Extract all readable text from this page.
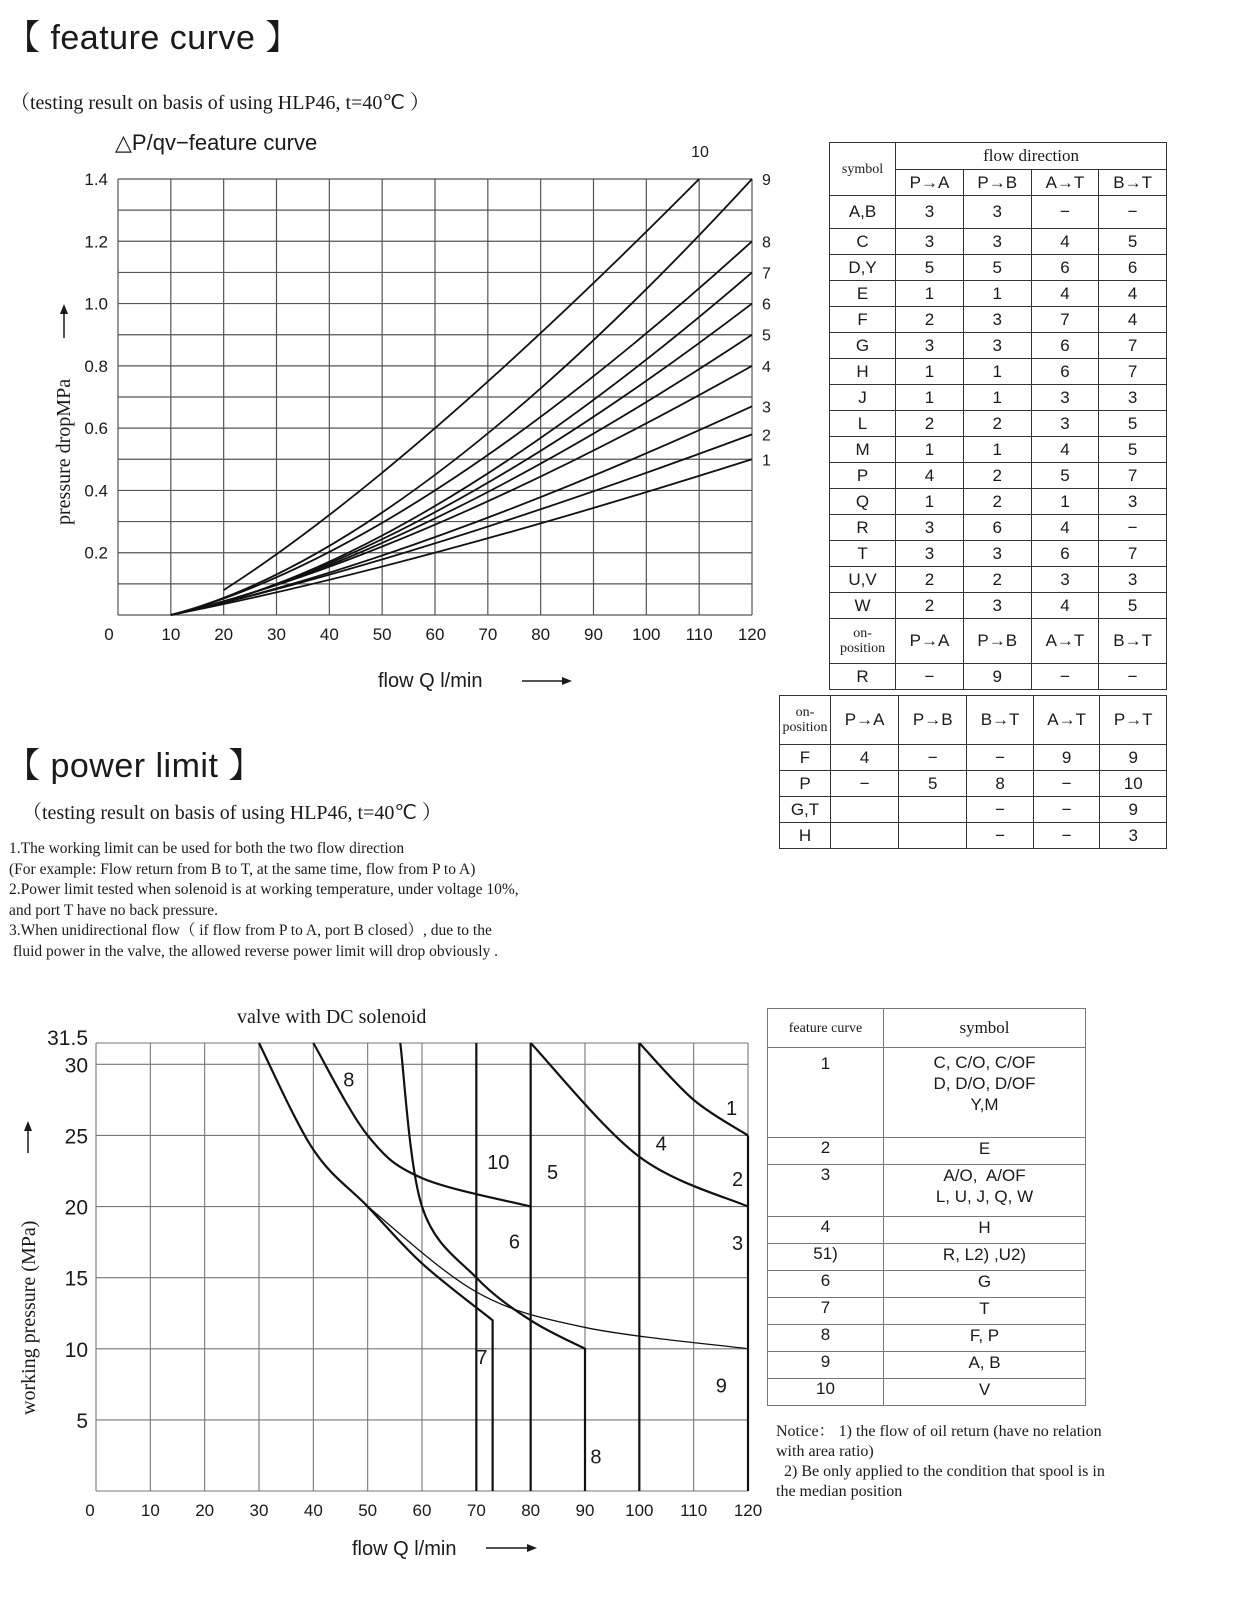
【 feature curve 】
（testing result on basis of using HLP46, t=40℃ ）
1
2
3
4
5
6
7
8
9
10
0	10 20 30 40 50 60 70 80 90 100 110 120
0.2
0.4
0.6
0.8
1.0
1.2
1.4
△P/qv−feature curve
flow Q l/min
pressure dropMPa
symbol	flow direction			
	P→A	P→B	A→T	B→T
A,B	3	3	−	−
C	3	3	4	5
D,Y	5	5	6	6
E	1	1	4	4
F	2	3	7	4
G	3	3	6	7
H	1	1	6	7
J	1	1	3	3
L	2	2	3	5
M	1	1	4	5
P	4	2	5	7
Q	1	2	1	3
R	3	6	4	−
T	3	3	6	7
U,V	2	2	3	3
W	2	3	4	5
on-
position	P→A	P→B	A→T	B→T
R	−	9	−	−
on-
position	P→A	P→B	B→T	A→T	P→T
F	4	−	−	9	9
P	−	5	8	−	10
G,T			−	−	9
H			−	−	3
【 power limit 】
（testing result on basis of using HLP46, t=40℃ ）
1.The working limit can be used for both the two flow direction
(For example: Flow return from B to T, at the same time, flow from P to A)
2.Power limit tested when solenoid is at working temperature, under voltage 10%,
and port T have no back pressure.
3.When unidirectional flow（ if flow from P to A, port B closed）, due to the
fluid power in the valve, the allowed reverse power limit will drop obviously .
1
2
3
4
5
6
7
8
9
10
8
0	10 20 30 40 50 60 70 80 90 100 110 120
5
10
15
20
25
30
31.5
valve with DC solenoid
flow Q l/min
working pressure (MPa)
feature curve	symbol
1	C, C/O, C/OF
D, D/O, D/OF
Y,M
2	E
3	A/O,  A/OF
L, U, J, Q, W
4	H
51)	R, L2) ,U2)
6	G
7	T
8	F, P
9	A, B
10	V
Notice： 1) the flow of oil return (have no relation
with area ratio)
2) Be only applied to the condition that spool is in
the median position
